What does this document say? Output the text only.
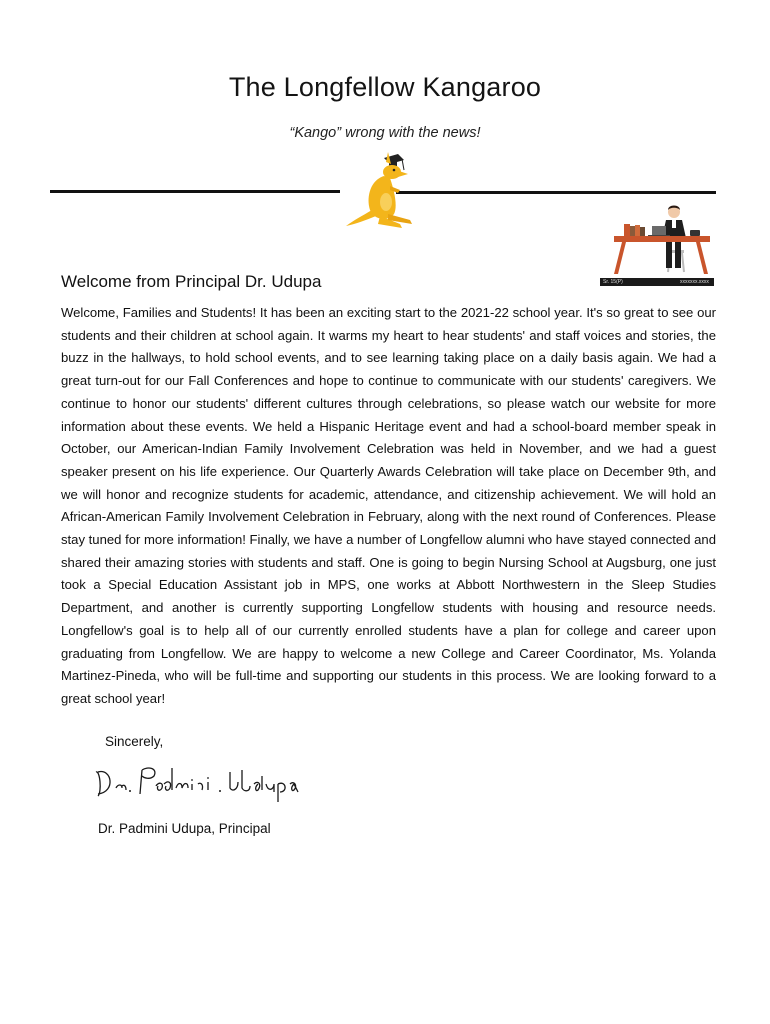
The Longfellow Kangaroo
“Kango” wrong with the news!
Sr. 15(P)	xxxxxxx.xxxx
Welcome from Principal Dr. Udupa
Welcome, Families and Students! It has been an exciting start to the 2021-22 school year. It's so great to see our students and their children at school again. It warms my heart to hear students' and staff voices and stories, the buzz in the hallways, to hold school events, and to see learning taking place on a daily basis again. We had a great turn-out for our Fall Conferences and hope to continue to communicate with our students' caregivers. We continue to honor our students' different cultures through celebrations, so please watch our website for more information about these events. We held a Hispanic Heritage event and had a school-board member speak in October, our American-Indian Family Involvement Celebration was held in November, and we had a guest speaker present on his life experience. Our Quarterly Awards Celebration will take place on December 9th, and we will honor and recognize students for academic, attendance, and citizenship achievement. We will hold an African-American Family Involvement Celebration in February, along with the next round of Conferences. Please stay tuned for more information! Finally, we have a number of Longfellow alumni who have stayed connected and shared their amazing stories with students and staff. One is going to begin Nursing School at Augsburg, one just took a Special Education Assistant job in MPS, one works at Abbott Northwestern in the Sleep Studies Department, and another is currently supporting Longfellow students with housing and resource needs. Longfellow's goal is to help all of our currently enrolled students have a plan for college and career upon graduating from Longfellow. We are happy to welcome a new College and Career Coordinator, Ms. Yolanda Martinez-Pineda, who will be full-time and supporting our students in this process. We are looking forward to a great school year!
Sincerely,
Dr. Padmini Udupa, Principal
